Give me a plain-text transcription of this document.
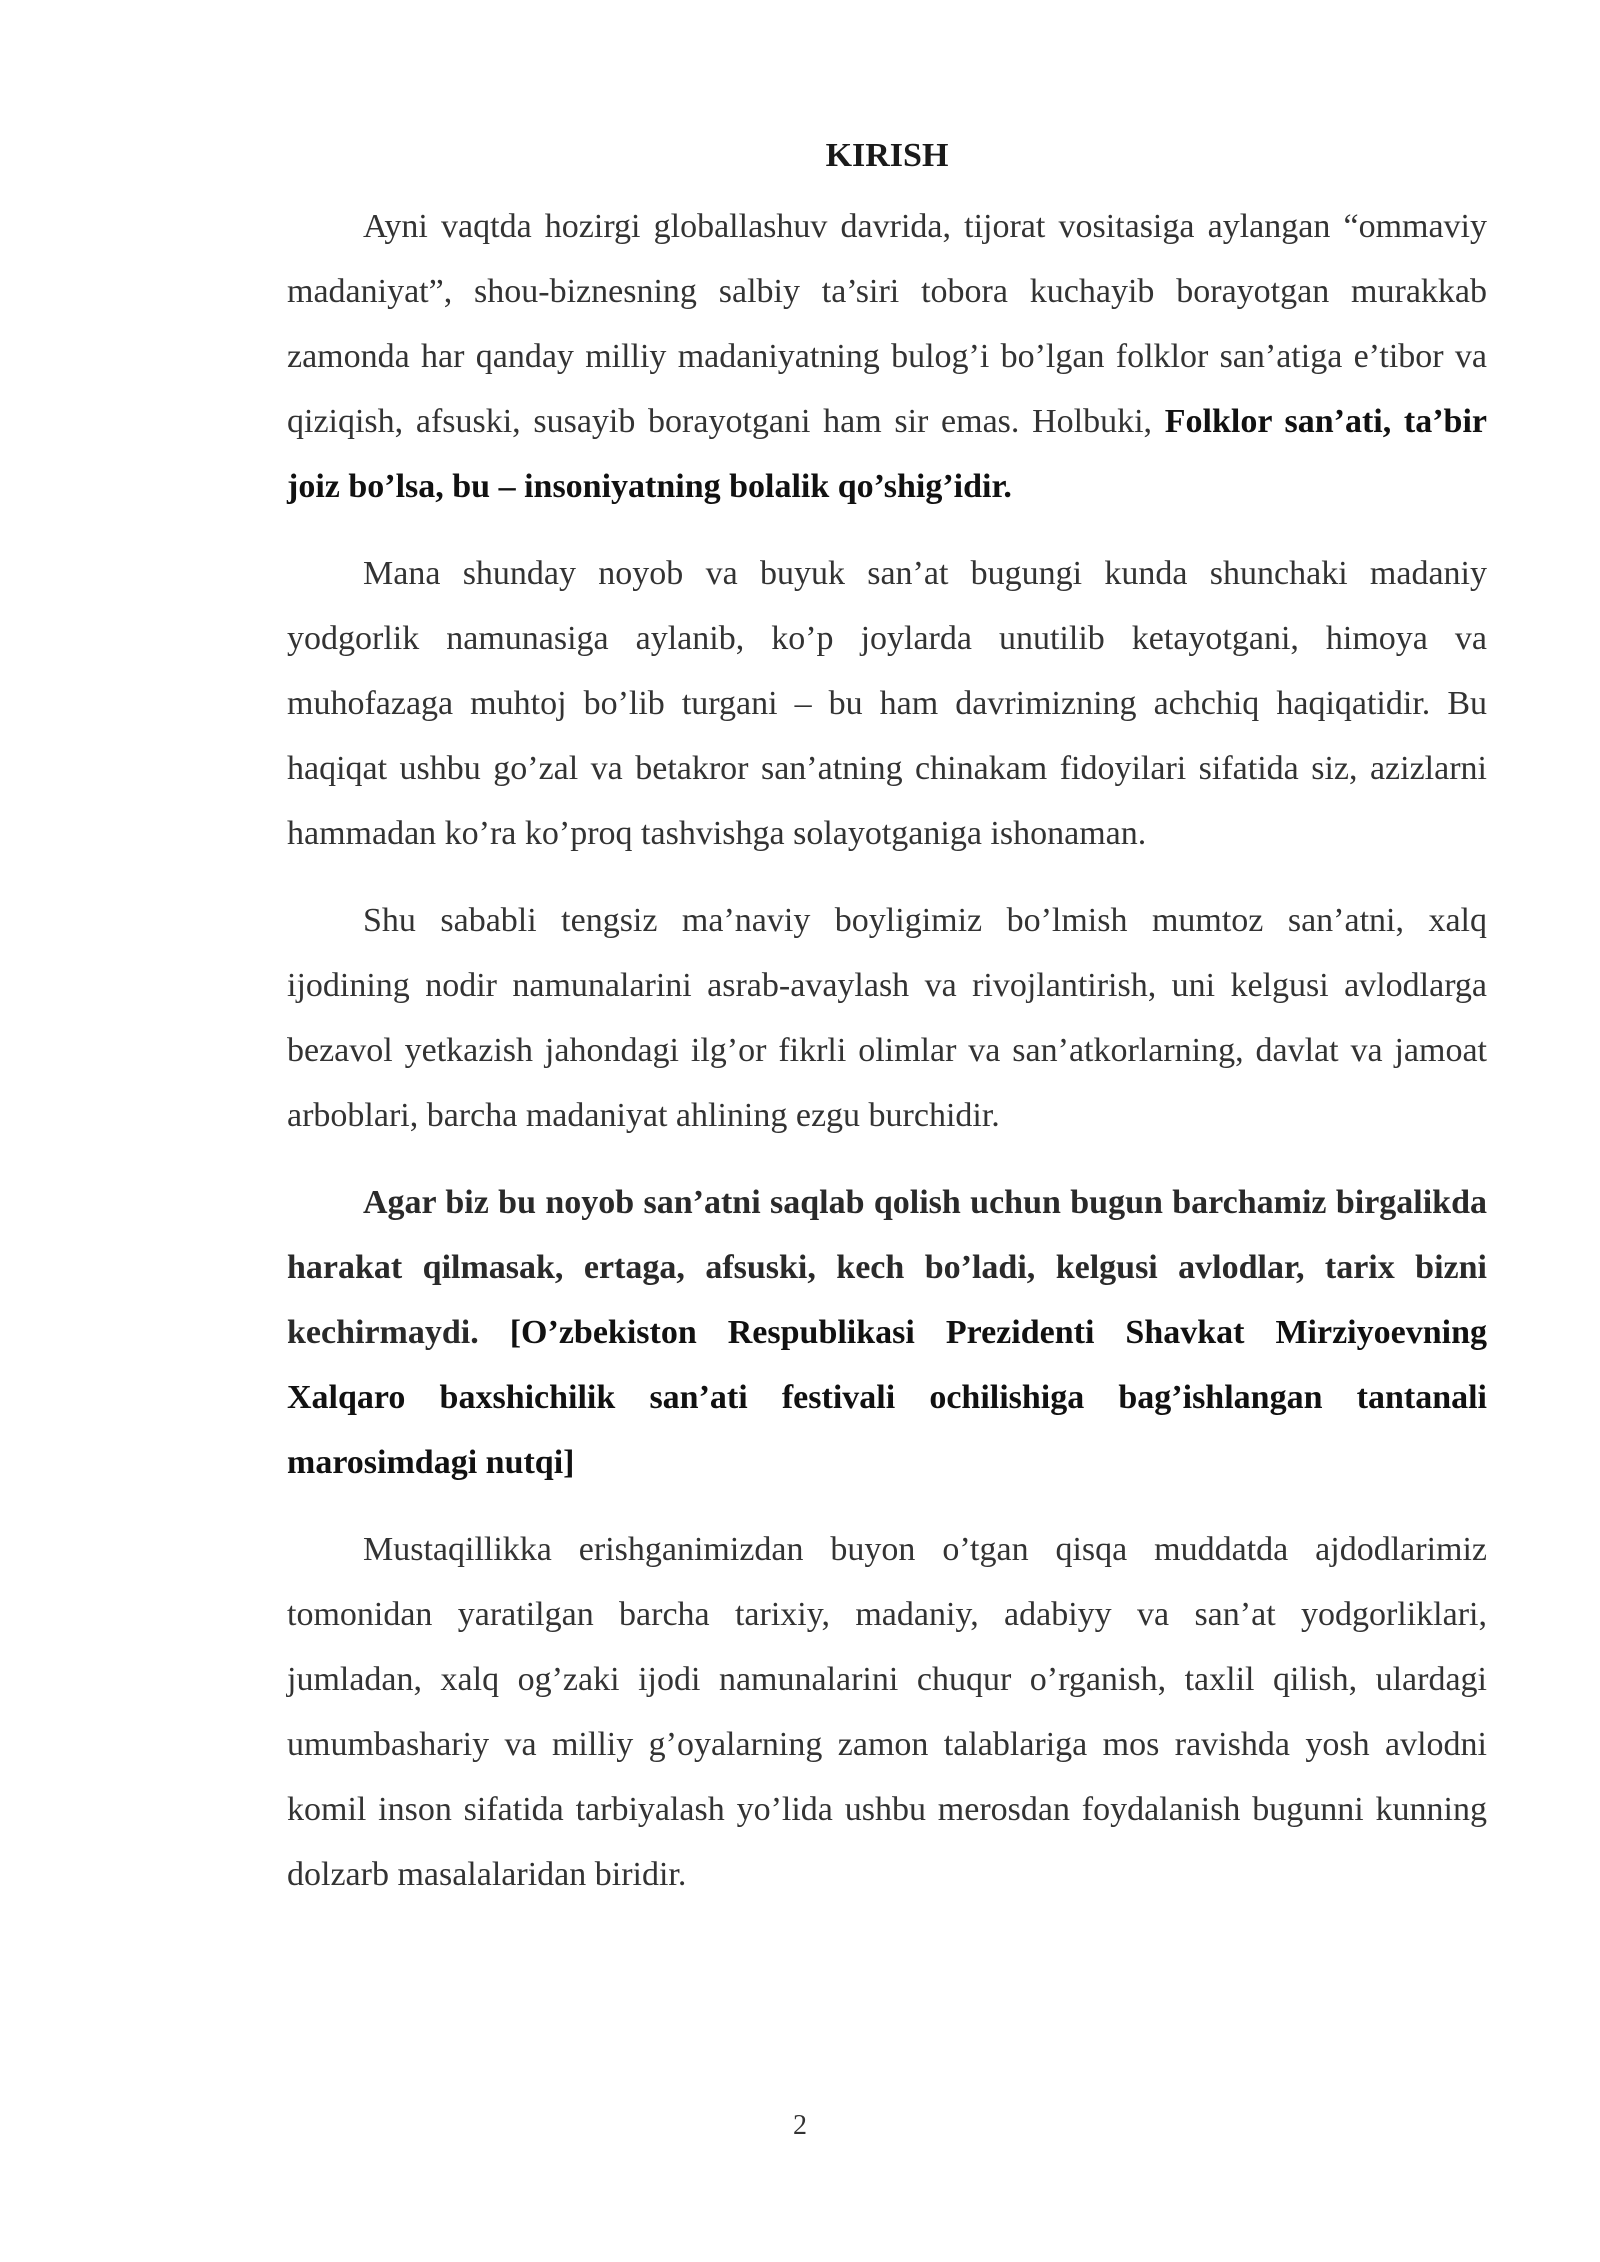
KIRISH

Ayni vaqtda hozirgi globallashuv davrida, tijorat vositasiga aylangan “ommaviy madaniyat”, shou-biznesning salbiy ta’siri tobora kuchayib borayotgan murakkab zamonda har qanday milliy madaniyatning bulog’i bo’lgan folklor san’atiga e’tibor va qiziqish, afsuski, susayib borayotgani ham sir emas. Holbuki, Folklor san’ati, ta’bir joiz bo’lsa, bu – insoniyatning bolalik qo’shig’idir.

Mana shunday noyob va buyuk san’at bugungi kunda shunchaki madaniy yodgorlik namunasiga aylanib, ko’p joylarda unutilib ketayotgani, himoya va muhofazaga muhtoj bo’lib turgani – bu ham davrimizning achchiq haqiqatidir. Bu haqiqat ushbu go’zal va betakror san’atning chinakam fidoyilari sifatida siz, azizlarni hammadan ko’ra ko’proq tashvishga solayotganiga ishonaman.

Shu sababli tengsiz ma’naviy boyligimiz bo’lmish mumtoz san’atni, xalq ijodining nodir namunalarini asrab-avaylash va rivojlantirish, uni kelgusi avlodlarga bezavol yetkazish jahondagi ilg’or fikrli olimlar va san’atkorlarning, davlat va jamoat arboblari, barcha madaniyat ahlining ezgu burchidir.

Agar biz bu noyob san’atni saqlab qolish uchun bugun barchamiz birgalikda harakat qilmasak, ertaga, afsuski, kech bo’ladi, kelgusi avlodlar, tarix bizni kechirmaydi. [O’zbekiston Respublikasi Prezidenti Shavkat Mirziyoevning Xalqaro baxshichilik san’ati festivali ochilishiga bag’ishlangan tantanali marosimdagi nutqi]

Mustaqillikka erishganimizdan buyon o’tgan qisqa muddatda ajdodlarimiz tomonidan yaratilgan barcha tarixiy, madaniy, adabiyy va san’at yodgorliklari, jumladan, xalq og’zaki ijodi namunalarini chuqur o’rganish, taxlil qilish, ulardagi umumbashariy va milliy g’oyalarning zamon talablariga mos ravishda yosh avlodni komil inson sifatida tarbiyalash yo’lida ushbu merosdan foydalanish bugunni kunning dolzarb masalalaridan biridir.

2
